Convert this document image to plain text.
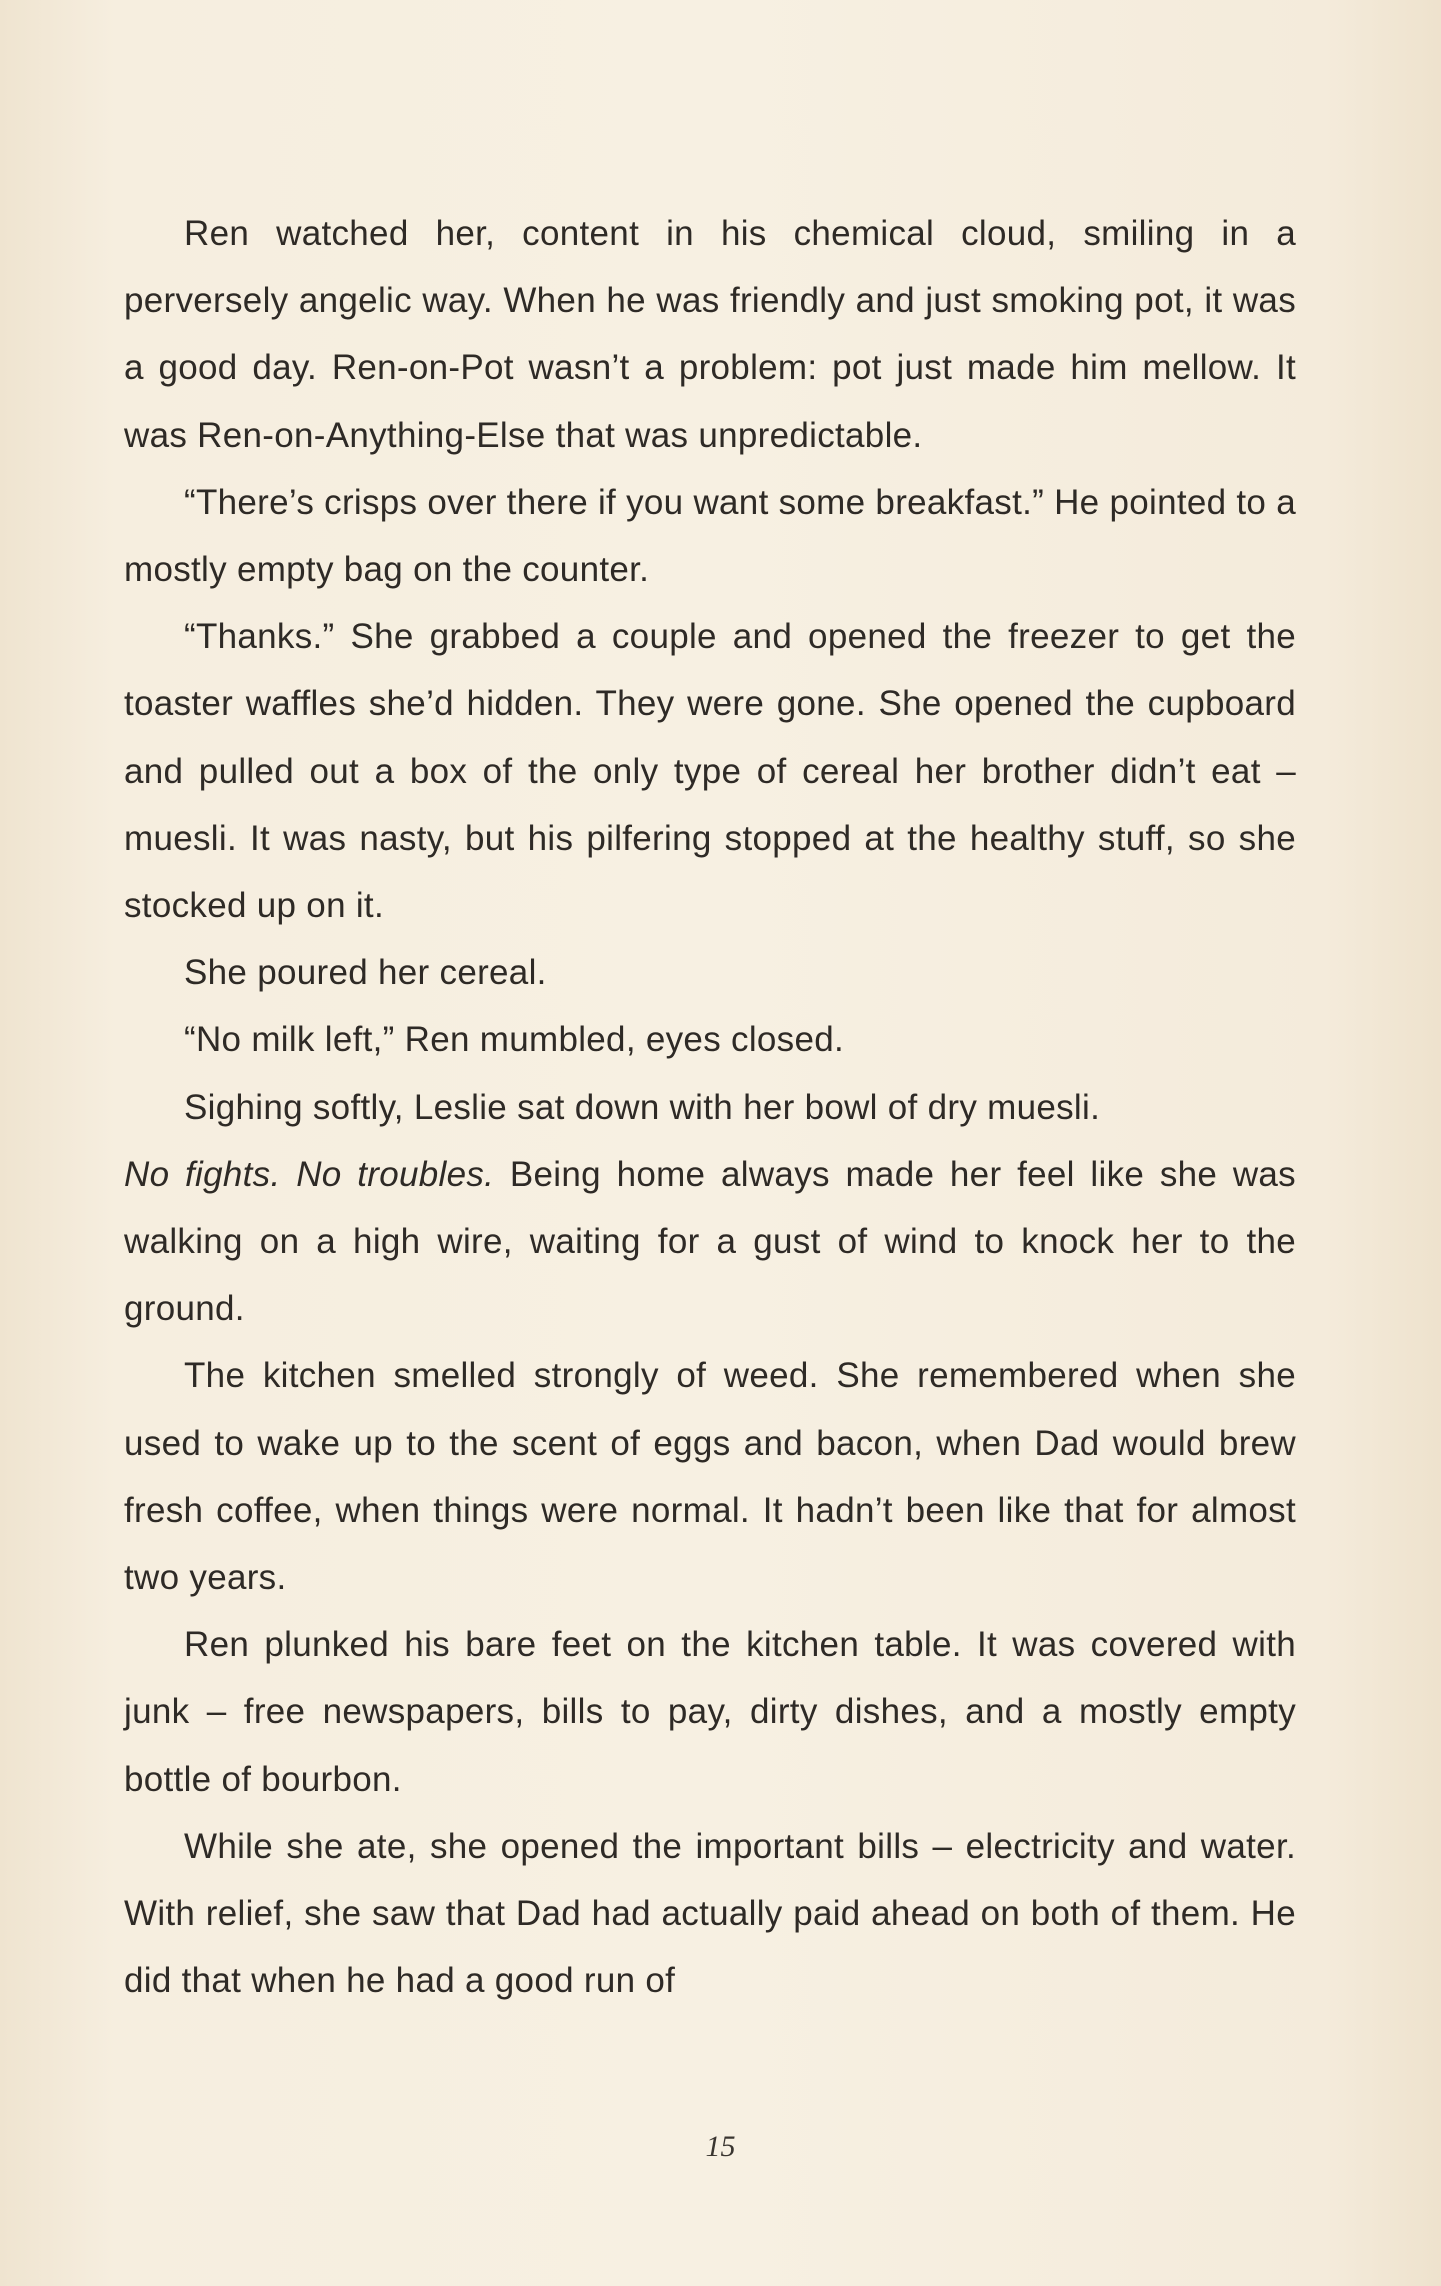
Ren watched her, content in his chemical cloud, smiling in a perversely angelic way. When he was friendly and just smoking pot, it was a good day. Ren-on-Pot wasn’t a problem: pot just made him mellow. It was Ren-on-Anything-Else that was unpredictable.

“There’s crisps over there if you want some breakfast.” He pointed to a mostly empty bag on the counter.

“Thanks.” She grabbed a couple and opened the freezer to get the toaster waffles she’d hidden. They were gone. She opened the cupboard and pulled out a box of the only type of cereal her brother didn’t eat – muesli. It was nasty, but his pilfering stopped at the healthy stuff, so she stocked up on it.

She poured her cereal.

“No milk left,” Ren mumbled, eyes closed.

Sighing softly, Leslie sat down with her bowl of dry muesli.

No fights. No troubles. Being home always made her feel like she was walking on a high wire, waiting for a gust of wind to knock her to the ground.

The kitchen smelled strongly of weed. She remembered when she used to wake up to the scent of eggs and bacon, when Dad would brew fresh coffee, when things were normal. It hadn’t been like that for almost two years.

Ren plunked his bare feet on the kitchen table. It was covered with junk – free newspapers, bills to pay, dirty dishes, and a mostly empty bottle of bourbon.

While she ate, she opened the important bills – electricity and water. With relief, she saw that Dad had actually paid ahead on both of them. He did that when he had a good run of

15
